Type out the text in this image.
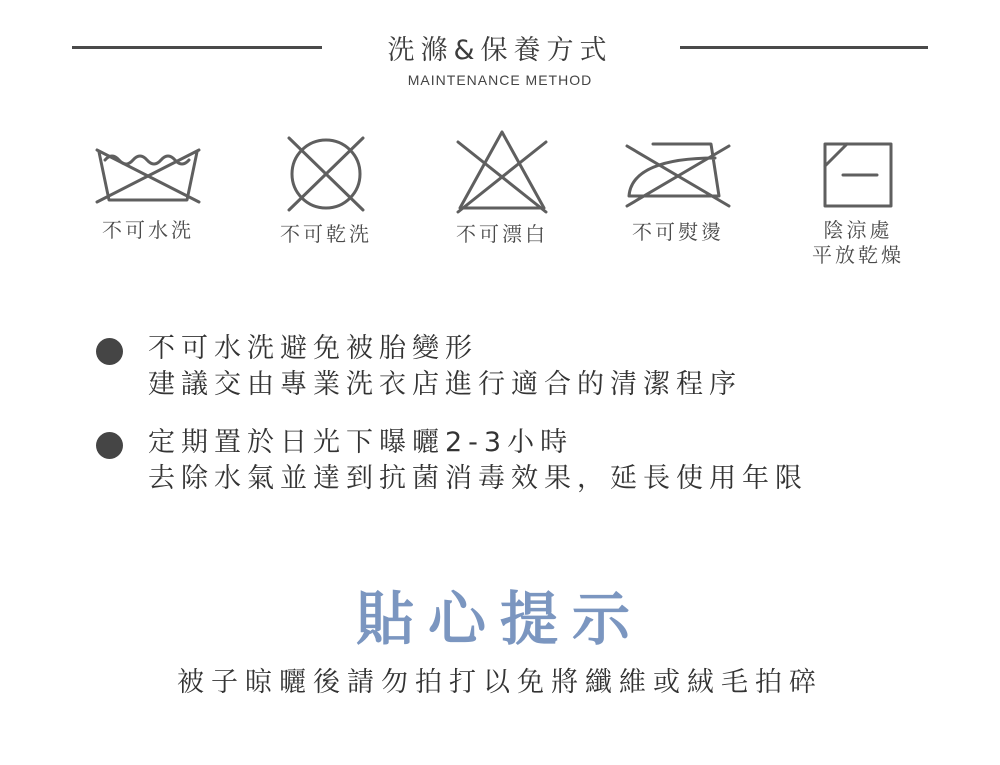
洗滌&保養方式
MAINTENANCE METHOD
不可水洗	不可乾洗	不可漂白	不可熨燙	陰涼處
平放乾燥
不可水洗避免被胎變形
建議交由專業洗衣店進行適合的清潔程序
定期置於日光下曝曬2-3小時
去除水氣並達到抗菌消毒效果，延長使用年限
貼心提示
被子晾曬後請勿拍打以免將纖維或絨毛拍碎
